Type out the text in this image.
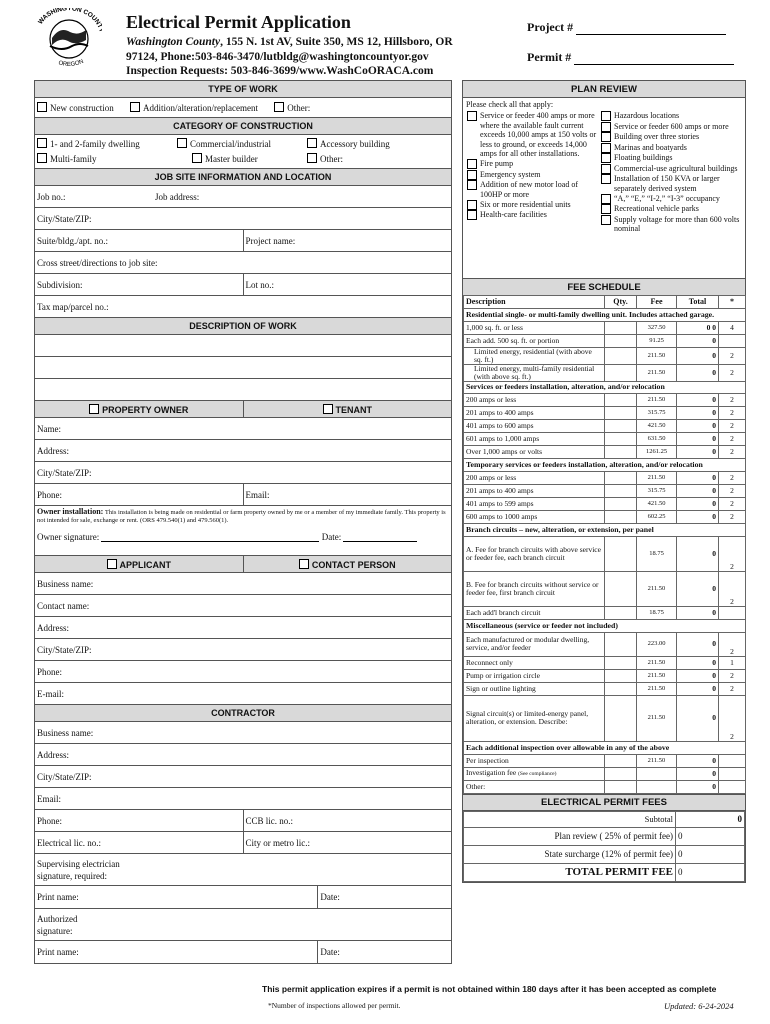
WASHINGTON COUN
OREGON
Electrical Permit Application
Washington County, 155 N. 1st AV, Suite 350, MS 12, Hillsboro, OR
97124, Phone:503-846-3470/lutbldg@washingtoncountyor.gov
Inspection Requests: 503-846-3699/www.WashCoORACA.com
Project #
Permit #
TYPE OF WORK
New construction	Addition/alteration/replacement	Other:
CATEGORY OF CONSTRUCTION

1- and 2-family dwelling	Commercial/industrial	Accessory building
Multi-family	Master builder	Other:

JOB SITE INFORMATION AND LOCATION
Job no.:	Job address:
City/State/ZIP:
Suite/bldg./apt. no.:	Project name:
Cross street/directions to job site:
Subdivision:	Lot no.:
Tax map/parcel no.:
DESCRIPTION OF WORK

PROPERTY OWNER	TENANT
Name:
Address:
City/State/ZIP:
Phone:	Email:

Owner installation: This installation is being made on residential or farm property owned by me or a member of my immediate family. This property is not intended for sale, exchange or rent. (ORS 479.540(1) and 479.560(1).
Owner signature:	Date:

APPLICANT	CONTACT PERSON
Business name:
Contact name:
Address:
City/State/ZIP:
Phone:
E-mail:
CONTRACTOR
Business name:
Address:
City/State/ZIP:
Email:
Phone:	CCB lic. no.:
Electrical lic. no.:	City or metro lic.:

Supervising electrician
signature, required:

Print name:	Date:

Authorized
signature:

Print name:	Date:
PLAN REVIEW
Please check all that apply:
Service or feeder 400 amps or more where the available fault current exceeds 10,000 amps at 150 volts or less to ground, or exceeds 14,000 amps for all other installations.
Fire pump
Emergency system
Addition of new motor load of 100HP or more
Six or more residential units
Health-care facilities
Hazardous locations
Service or feeder 600 amps or more
Building over three stories
Marinas and boatyards
Floating buildings
Commercial-use agricultural buildings
Installation of 150 KVA or larger separately derived system
“A,” “E,” “I-2,” “I-3” occupancy
Recreational vehicle parks
Supply voltage for more than 600 volts nominal
FEE SCHEDULE
Description	Qty.	Fee	Total	*
Residential single- or multi-family dwelling unit. Includes attached garage.				
1,000 sq. ft. or less		327.50	0 0	4
Each add. 500 sq. ft. or portion		91.25	0	
Limited energy, residential (with above sq. ft.)		211.50	0	2
Limited energy, multi-family residential (with above sq. ft.)		211.50	0	2
Services or feeders installation, alteration, and/or relocation				
200 amps or less		211.50	0	2
201 amps to 400 amps		315.75	0	2
401 amps to 600 amps		421.50	0	2
601 amps to 1,000 amps		631.50	0	2
Over 1,000 amps or volts		1261.25	0	2
Temporary services or feeders installation, alteration, and/or relocation				
200 amps or less		211.50	0	2
201 amps to 400 amps		315.75	0	2
401 amps to 599 amps		421.50	0	2
600 amps to 1000 amps		602.25	0	2
Branch circuits – new, alteration, or extension, per panel				
A. Fee for branch circuits with above service or feeder fee, each branch circuit		18.75	0	2
B. Fee for branch circuits without service or feeder fee, first branch circuit		211.50	0	2
Each add'l branch circuit		18.75	0	
Miscellaneous (service or feeder not included)				
Each manufactured or modular dwelling, service, and/or feeder		223.00	0	2
Reconnect only		211.50	0	1
Pump or irrigation circle		211.50	0	2
Sign or outline lighting		211.50	0	2
Signal circuit(s) or limited-energy panel, alteration, or extension. Describe:		211.50	0	2
Each additional inspection over allowable in any of the above				
Per inspection		211.50	0	
Investigation fee (See compliance)			0	
Other:			0	
ELECTRICAL PERMIT FEES
Subtotal	0
Plan review ( 25% of permit fee)	0
State surcharge (12% of permit fee)	0
TOTAL PERMIT FEE	0
This permit application expires if a permit is not obtained within 180 days after it has been accepted as complete
*Number of inspections allowed per permit.	Updated: 6-24-2024
